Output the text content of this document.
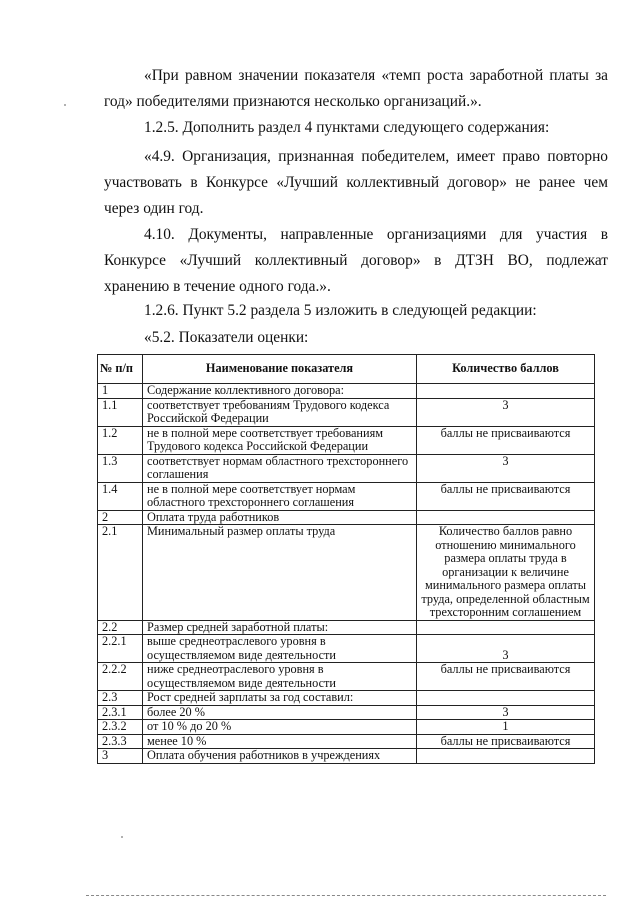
«При равном значении показателя «темп роста заработной платы за год» победителями признаются несколько организаций.».

1.2.5. Дополнить раздел 4 пунктами следующего содержания:

«4.9. Организация, признанная победителем, имеет право повторно участвовать в Конкурсе «Лучший коллективный договор» не ранее чем через один год.

4.10. Документы, направленные организациями для участия в Конкурсе «Лучший коллективный договор» в ДТЗН ВО, подлежат хранению в течение одного года.».

1.2.6. Пункт 5.2 раздела 5 изложить в следующей редакции:

«5.2. Показатели оценки:

№ п/п	Наименование показателя	Количество баллов
1	Содержание коллективного договора:	
1.1	соответствует требованиям Трудового кодекса Российской Федерации	3
1.2	не в полной мере соответствует требованиям Трудового кодекса Российской Федерации	баллы не присваиваются
1.3	соответствует нормам областного трехстороннего соглашения	3
1.4	не в полной мере соответствует нормам областного трехстороннего соглашения	баллы не присваиваются
2	Оплата труда работников	
2.1	Минимальный размер оплаты труда	Количество баллов равно отношению минимального размера оплаты труда в организации к величине минимального размера оплаты труда, определенной областным трехсторонним соглашением
2.2	Размер средней заработной платы:	
2.2.1	выше среднеотраслевого уровня в осуществляемом виде деятельности	3
2.2.2	ниже среднеотраслевого уровня в осуществляемом виде деятельности	баллы не присваиваются
2.3	Рост средней зарплаты за год составил:	
2.3.1	более 20 %	3
2.3.2	от 10 % до 20 %	1
2.3.3	менее 10 %	баллы не присваиваются
3	Оплата обучения работников в учреждениях	
